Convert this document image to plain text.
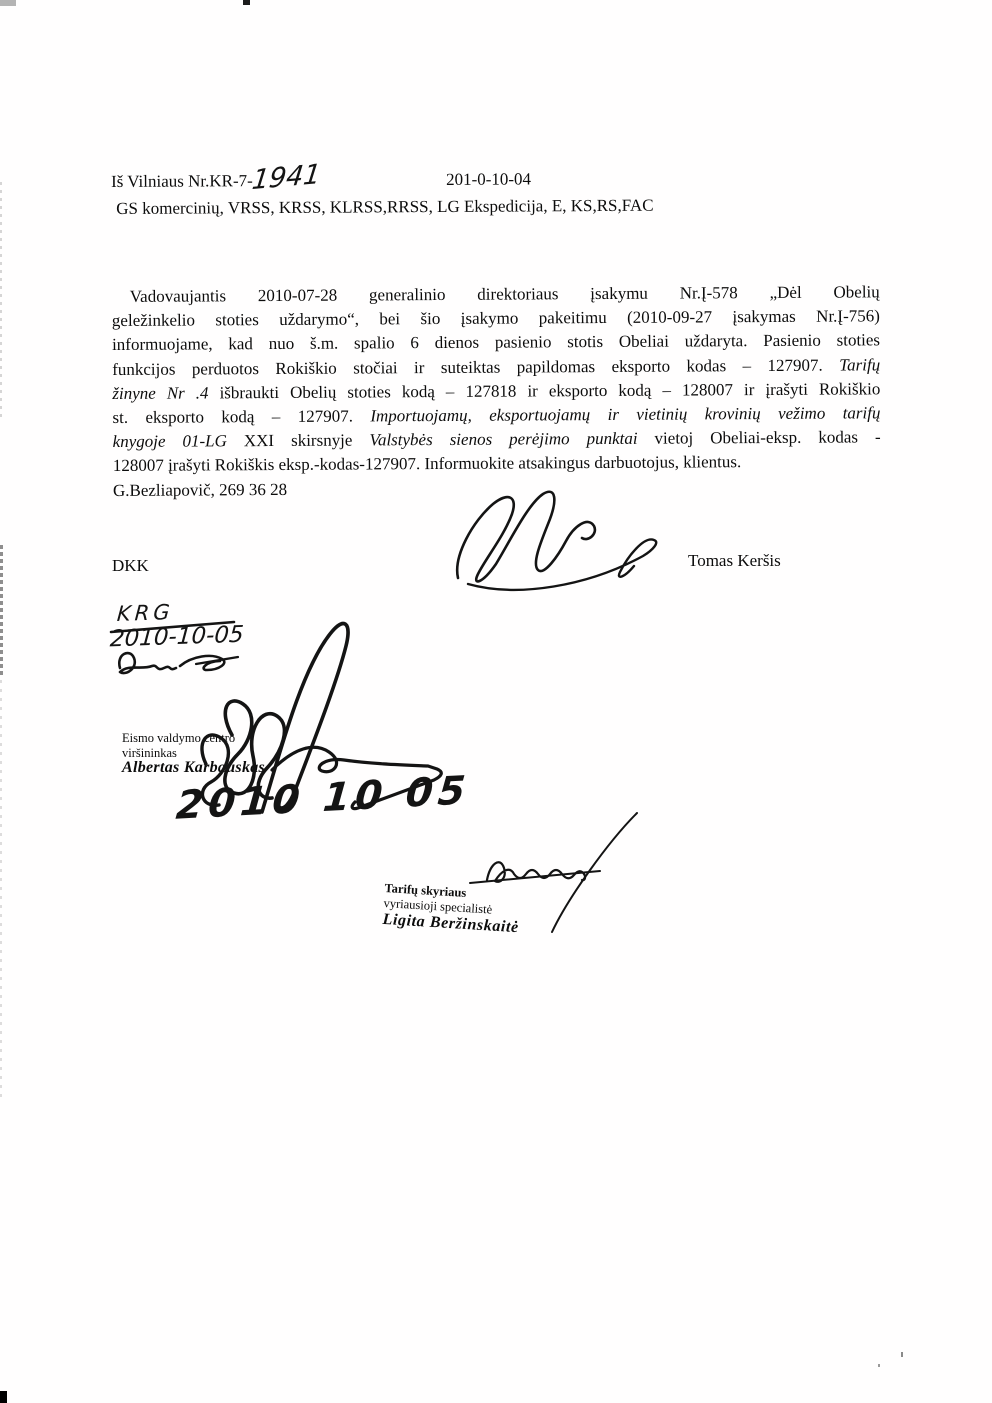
Iš Vilniaus Nr.KR-7-	201-0-10-04
GS komercinių, VRSS, KRSS, KLRSS,RRSS, LG Ekspedicija, E, KS,RS,FAC
Vadovaujantis 2010-07-28 generalinio direktoriaus įsakymu Nr.Į-578 „Dėl Obelių
geležinkelio stoties uždarymo“, bei šio įsakymo pakeitimu (2010-09-27 įsakymas Nr.Į-756)
informuojame, kad nuo š.m. spalio 6 dienos pasienio stotis Obeliai uždaryta. Pasienio stoties
funkcijos perduotos Rokiškio stočiai ir suteiktas papildomas eksporto kodas – 127907. Tarifų
žinyne Nr .4 išbraukti Obelių stoties kodą – 127818 ir eksporto kodą – 128007 ir įrašyti Rokiškio
st. eksporto kodą – 127907. Importuojamų, eksportuojamų ir vietinių krovinių vežimo tarifų
knygoje 01-LG XXI skirsnyje Valstybės sienos perėjimo punktai vietoj Obeliai-eksp. kodas -
128007 įrašyti Rokiškis eksp.-kodas-127907. Informuokite atsakingus darbuotojus, klientus.
G.Bezliapovič, 269 36 28
DKK	Tomas Keršis
Eismo valdymo centro
viršininkas
Albertas Karbauskas
Tarifų skyriaus
vyriausioji specialistė
Ligita Beržinskaitė
1941
KRG
2010-10-05
2010 10 05
